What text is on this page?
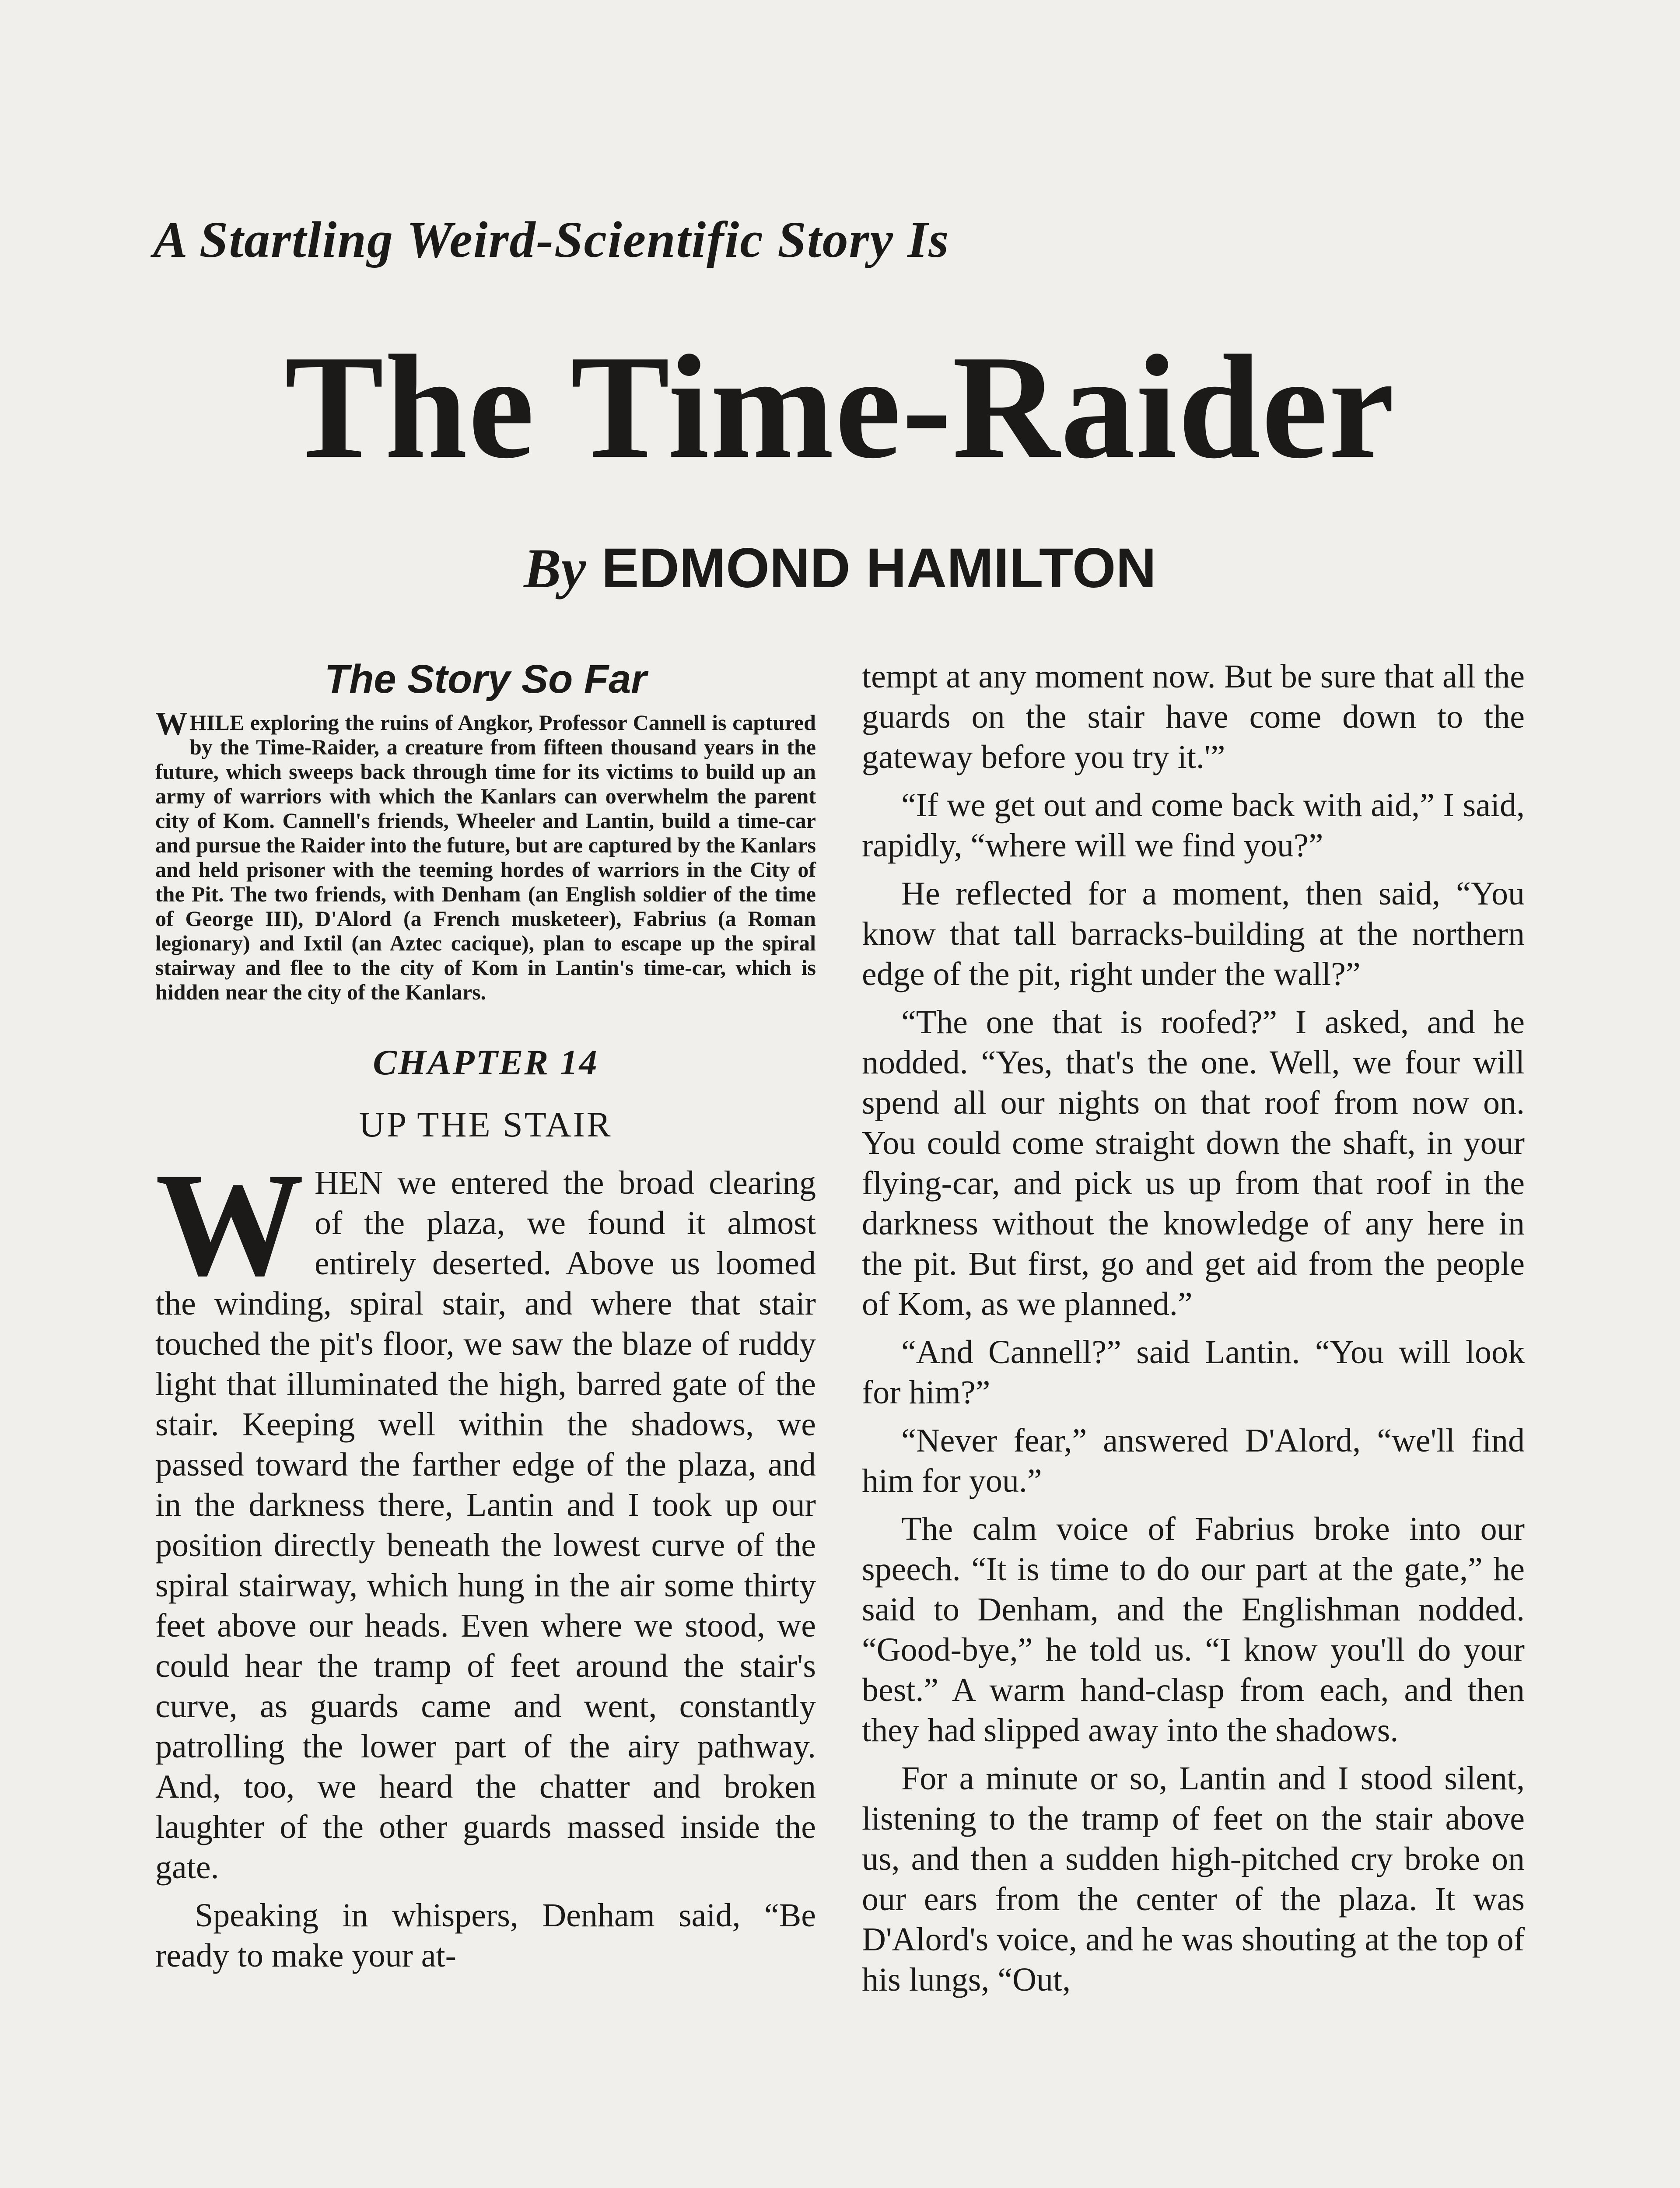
A Startling Weird-Scientific Story Is
The Time-Raider
By EDMOND HAMILTON
The Story So Far

W HILE exploring the ruins of Angkor, Professor Cannell is captured by the Time-Raider, a creature from fifteen thousand years in the future, which sweeps back through time for its victims to build up an army of warriors with which the Kanlars can overwhelm the parent city of Kom. Cannell's friends, Wheeler and Lantin, build a time-car and pursue the Raider into the future, but are captured by the Kanlars and held prisoner with the teeming hordes of warriors in the City of the Pit. The two friends, with Denham (an English soldier of the time of George III), D'Alord (a French musketeer), Fabrius (a Roman legionary) and Ixtil (an Aztec cacique), plan to escape up the spiral stairway and flee to the city of Kom in Lantin's time-car, which is hidden near the city of the Kanlars.

CHAPTER 14
UP THE STAIR

WHEN we entered the broad clearing of the plaza, we found it almost entirely deserted. Above us loomed the winding, spiral stair, and where that stair touched the pit's floor, we saw the blaze of ruddy light that illuminated the high, barred gate of the stair. Keeping well within the shadows, we passed toward the farther edge of the plaza, and in the darkness there, Lantin and I took up our position directly beneath the lowest curve of the spiral stairway, which hung in the air some thirty feet above our heads. Even where we stood, we could hear the tramp of feet around the stair's curve, as guards came and went, constantly patrolling the lower part of the airy pathway. And, too, we heard the chatter and broken laughter of the other guards massed inside the gate.

Speaking in whispers, Denham said, “Be ready to make your at-

tempt at any moment now. But be sure that all the guards on the stair have come down to the gateway before you try it.'”

“If we get out and come back with aid,” I said, rapidly, “where will we find you?”

He reflected for a moment, then said, “You know that tall barracks-building at the northern edge of the pit, right under the wall?”

“The one that is roofed?” I asked, and he nodded. “Yes, that's the one. Well, we four will spend all our nights on that roof from now on. You could come straight down the shaft, in your flying-car, and pick us up from that roof in the darkness without the knowledge of any here in the pit. But first, go and get aid from the people of Kom, as we planned.”

“And Cannell?” said Lantin. “You will look for him?”

“Never fear,” answered D'Alord, “we'll find him for you.”

The calm voice of Fabrius broke into our speech. “It is time to do our part at the gate,” he said to Denham, and the Englishman nodded. “Good-bye,” he told us. “I know you'll do your best.” A warm hand-clasp from each, and then they had slipped away into the shadows.

For a minute or so, Lantin and I stood silent, listening to the tramp of feet on the stair above us, and then a sudden high-pitched cry broke on our ears from the center of the plaza. It was D'Alord's voice, and he was shouting at the top of his lungs, “Out,
